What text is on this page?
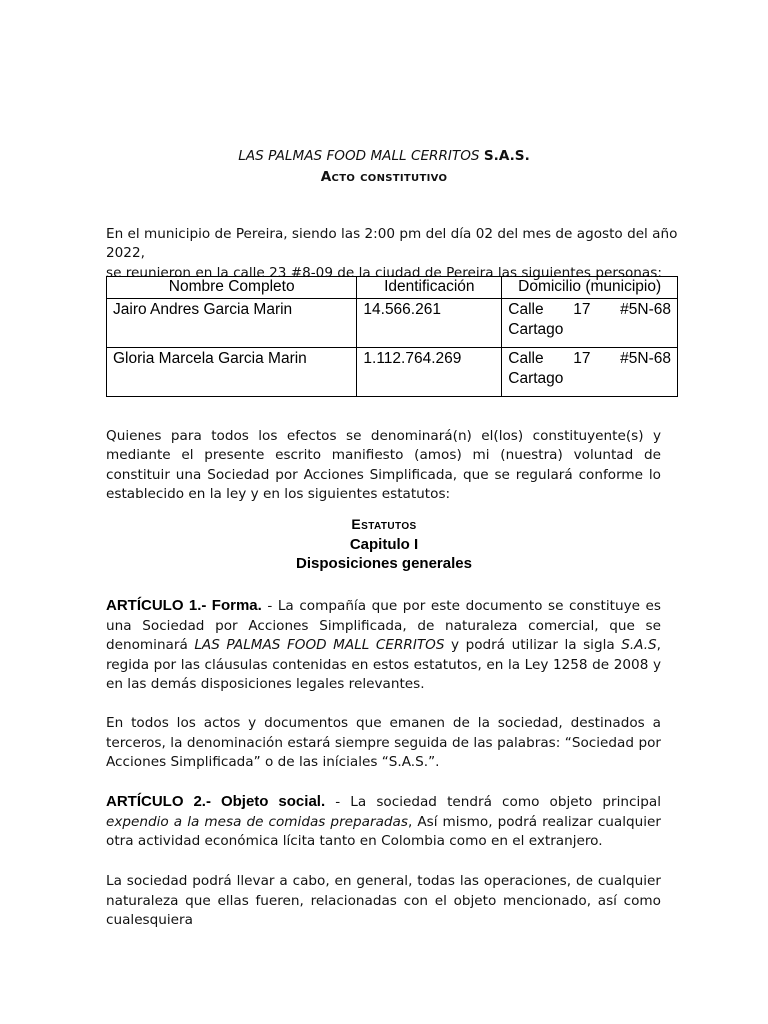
LAS PALMAS FOOD MALL CERRITOS S.A.S.
Acto constitutivo
En el municipio de Pereira, siendo las 2:00 pm del día 02 del mes de agosto del año 2022,
se reunieron en la calle 23 #8-09 de la ciudad de Pereira las siguientes personas:
Nombre Completo	Identificación	Domicilio (municipio)
Jairo Andres Garcia Marin	14.566.261	Calle 17 #5N-68
Cartago

Gloria Marcela Garcia Marin	1.112.764.269	Calle 17 #5N-68
Cartago
Quienes para todos los efectos se denominará(n) el(los) constituyente(s) y mediante el presente escrito manifiesto (amos) mi (nuestra) voluntad de constituir una Sociedad por Acciones Simplificada, que se regulará conforme lo establecido en la ley y en los siguientes estatutos:
Estatutos
Capitulo I
Disposiciones generales
ARTÍCULO 1.- Forma. - La compañía que por este documento se constituye es una Sociedad por Acciones Simplificada, de naturaleza comercial, que se denominará LAS PALMAS FOOD MALL CERRITOS y podrá utilizar la sigla S.A.S, regida por las cláusulas contenidas en estos estatutos, en la Ley 1258 de 2008 y en las demás disposiciones legales relevantes.
En todos los actos y documentos que emanen de la sociedad, destinados a terceros, la denominación estará siempre seguida de las palabras: “Sociedad por Acciones Simplificada” o de las iníciales “S.A.S.”.
ARTÍCULO 2.- Objeto social. - La sociedad tendrá como objeto principal expendio a la mesa de comidas preparadas, Así mismo, podrá realizar cualquier otra actividad económica lícita tanto en Colombia como en el extranjero.
La sociedad podrá llevar a cabo, en general, todas las operaciones, de cualquier naturaleza que ellas fueren, relacionadas con el objeto mencionado, así como cualesquiera
